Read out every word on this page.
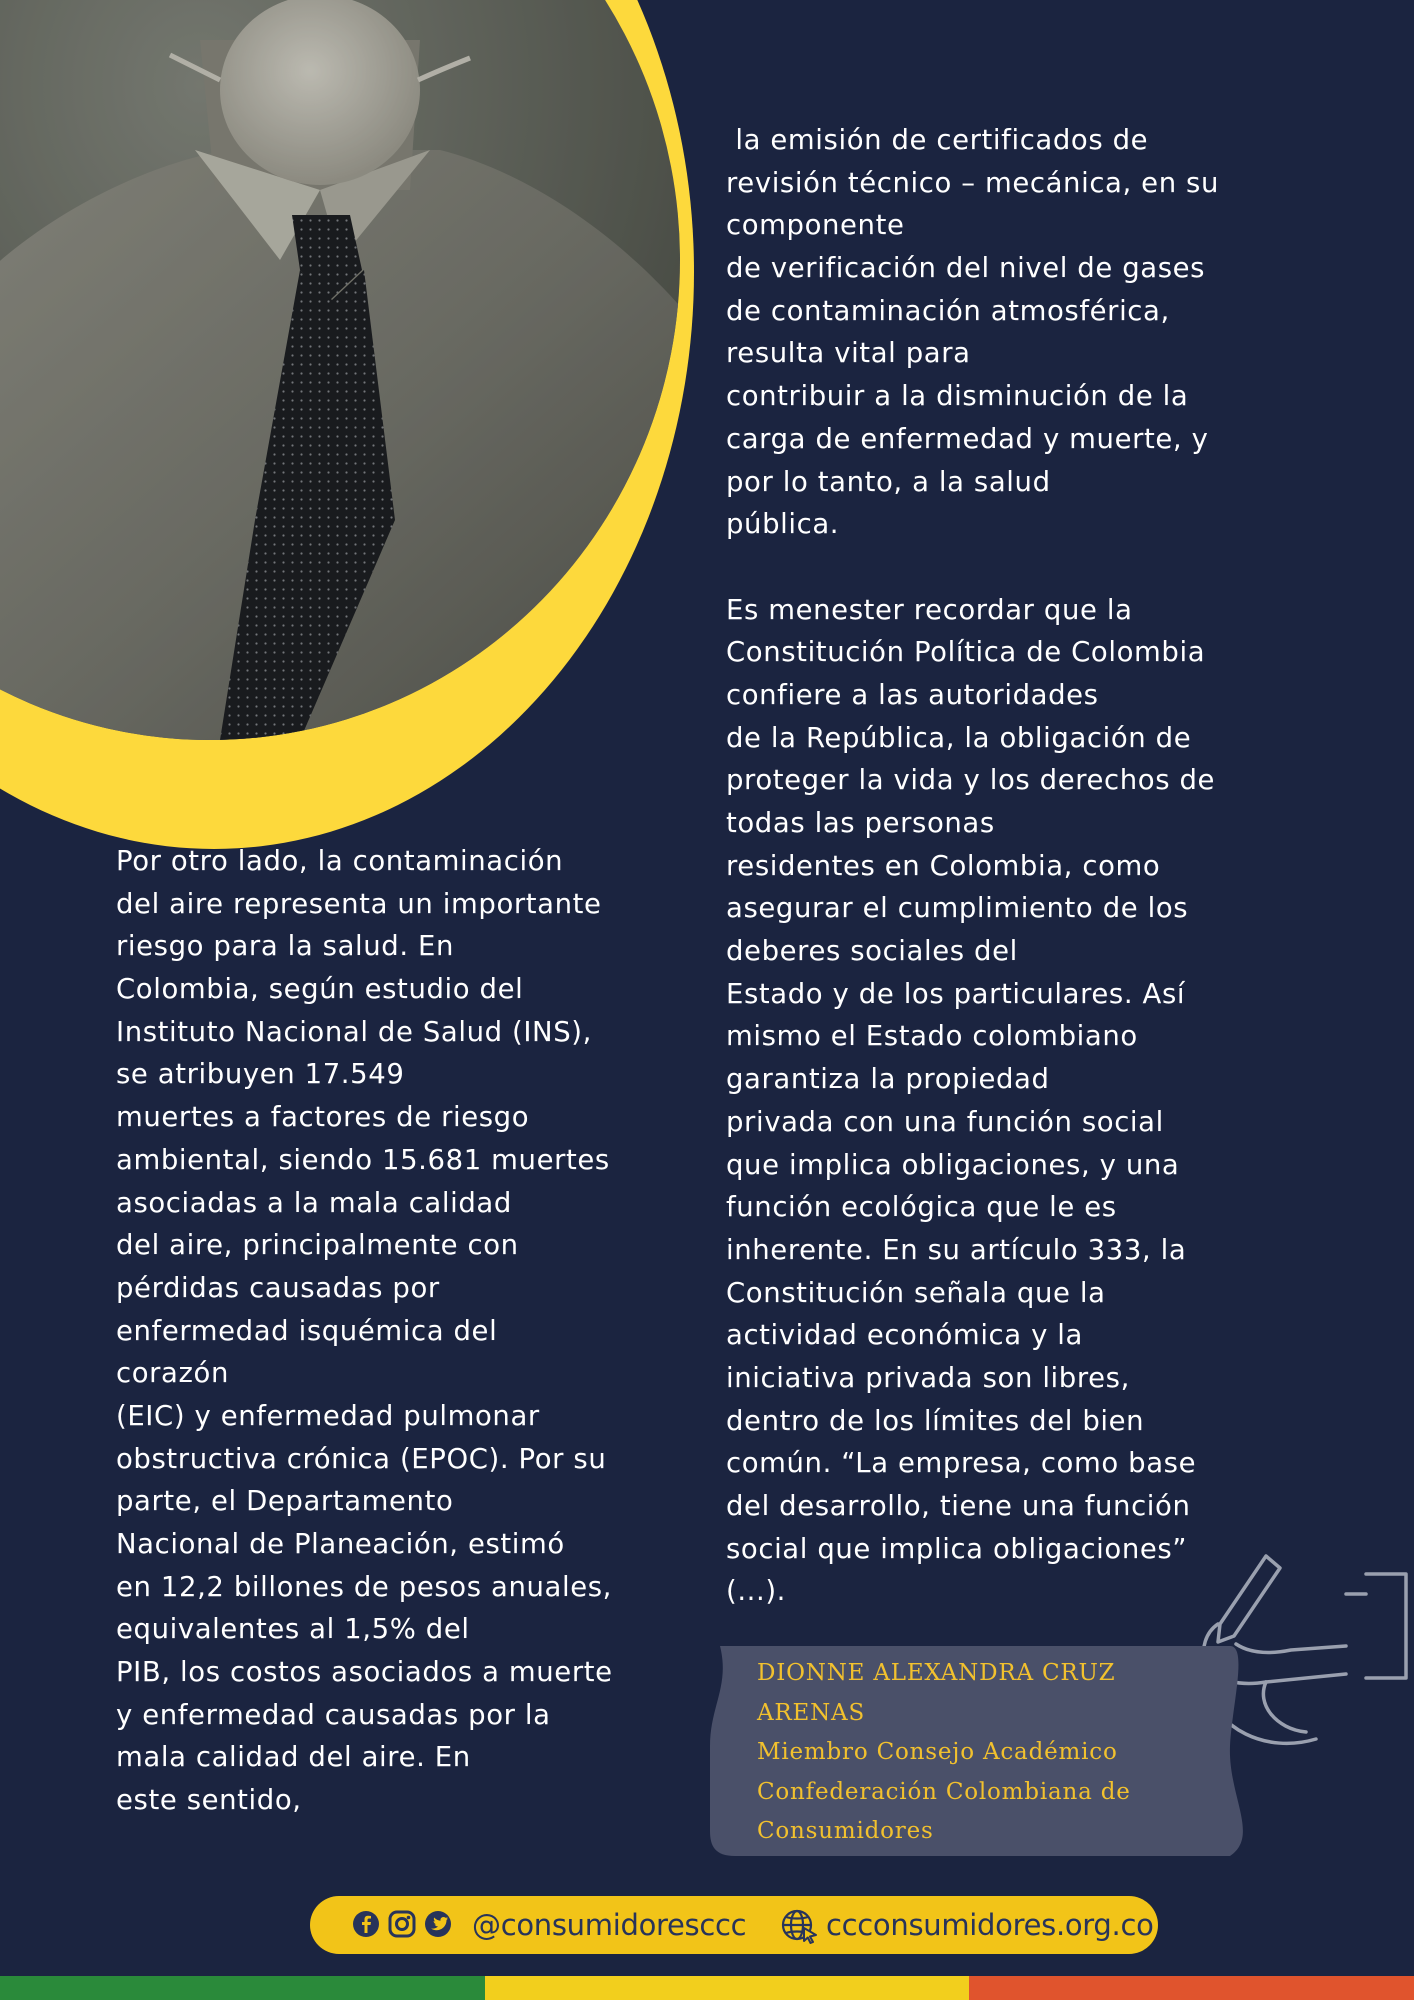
Por otro lado, la contaminación
del aire representa un importante
riesgo para la salud. En
Colombia, según estudio del
Instituto Nacional de Salud (INS),
se atribuyen 17.549
muertes a factores de riesgo
ambiental, siendo 15.681 muertes
asociadas a la mala calidad
del aire, principalmente con
pérdidas causadas por
enfermedad isquémica del
corazón
(EIC) y enfermedad pulmonar
obstructiva crónica (EPOC). Por su
parte, el Departamento
Nacional de Planeación, estimó
en 12,2 billones de pesos anuales,
equivalentes al 1,5% del
PIB, los costos asociados a muerte
y enfermedad causadas por la
mala calidad del aire. En
este sentido,
la emisión de certificados de
revisión técnico – mecánica, en su
componente
de verificación del nivel de gases
de contaminación atmosférica,
resulta vital para
contribuir a la disminución de la
carga de enfermedad y muerte, y
por lo tanto, a la salud
pública.
Es menester recordar que la
Constitución Política de Colombia
confiere a las autoridades
de la República, la obligación de
proteger la vida y los derechos de
todas las personas
residentes en Colombia, como
asegurar el cumplimiento de los
deberes sociales del
Estado y de los particulares. Así
mismo el Estado colombiano
garantiza la propiedad
privada con una función social
que implica obligaciones, y una
función ecológica que le es
inherente. En su artículo 333, la
Constitución señala que la
actividad económica y la
iniciativa privada son libres,
dentro de los límites del bien
común. “La empresa, como base
del desarrollo, tiene una función
social que implica obligaciones”
(...).
DIONNE ALEXANDRA CRUZ
ARENAS
Miembro Consejo Académico
Confederación Colombiana de
Consumidores
@consumidoresccc	ccconsumidores.org.co
